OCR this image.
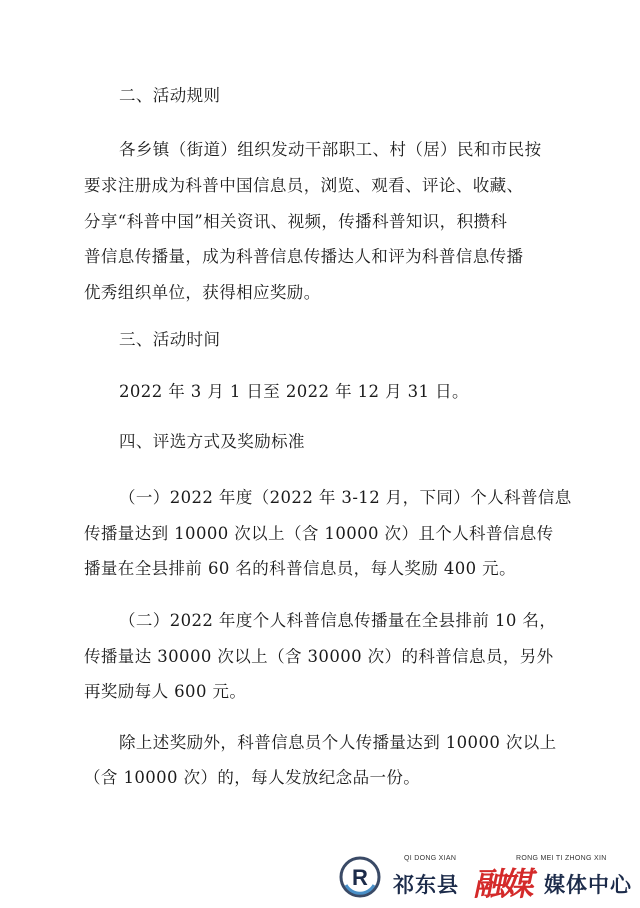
二、活动规则
各乡镇（街道）组织发动干部职工、村（居）民和市民按
要求注册成为科普中国信息员，浏览、观看、评论、收藏、
分享“科普中国”相关资讯、视频，传播科普知识，积攒科
普信息传播量，成为科普信息传播达人和评为科普信息传播
优秀组织单位，获得相应奖励。
三、活动时间
2022 年 3 月 1 日至 2022 年 12 月 31 日。
四、评选方式及奖励标准
（一）2022 年度（2022 年 3-12 月，下同）个人科普信息
传播量达到 10000 次以上（含 10000 次）且个人科普信息传
播量在全县排前 60 名的科普信息员，每人奖励 400 元。
（二）2022 年度个人科普信息传播量在全县排前 10 名，
传播量达 30000 次以上（含 30000 次）的科普信息员，另外
再奖励每人 600 元。
除上述奖励外，科普信息员个人传播量达到 10000 次以上
（含 10000 次）的，每人发放纪念品一份。
R
QI DONG XIAN	RONG MEI TI ZHONG XIN
祁东县 融媒 媒体中心
